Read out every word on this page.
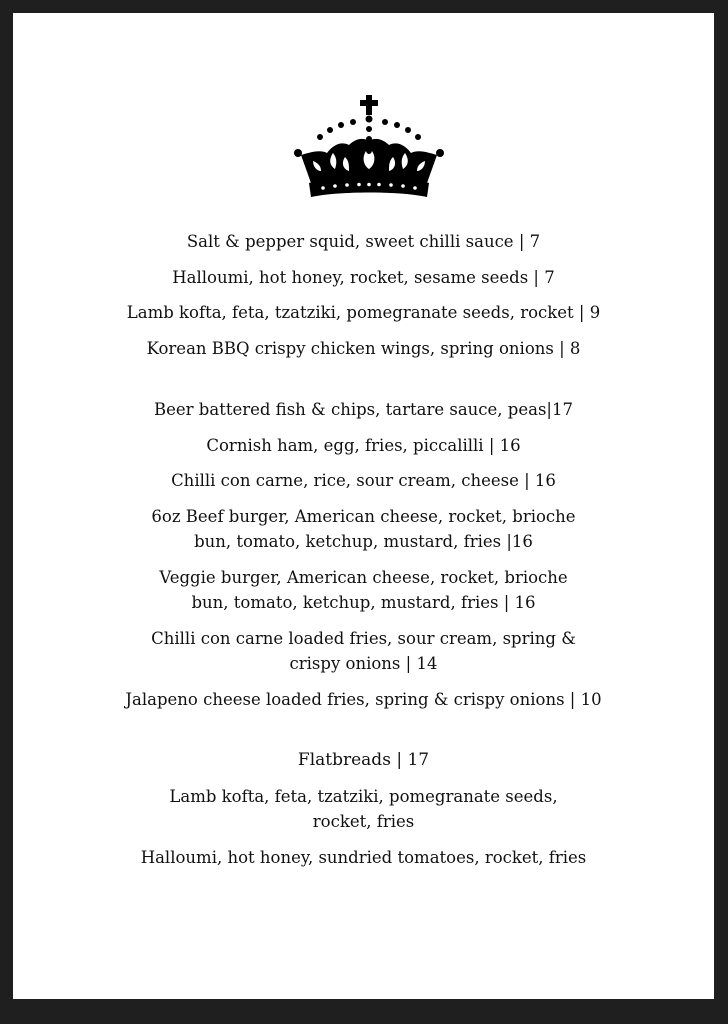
Salt & pepper squid, sweet chilli sauce | 7
Halloumi, hot honey, rocket, sesame seeds | 7
Lamb kofta, feta, tzatziki, pomegranate seeds, rocket | 9
Korean BBQ crispy chicken wings, spring onions | 8
Beer battered fish & chips, tartare sauce, peas|17
Cornish ham, egg, fries, piccalilli | 16
Chilli con carne, rice, sour cream, cheese | 16
6oz Beef burger, American cheese, rocket, brioche bun, tomato, ketchup, mustard, fries |16
Veggie burger, American cheese, rocket, brioche bun, tomato, ketchup, mustard, fries | 16
Chilli con carne loaded fries, sour cream, spring & crispy onions | 14
Jalapeno cheese loaded fries, spring & crispy onions | 10
Flatbreads | 17
Lamb kofta, feta, tzatziki, pomegranate seeds, rocket, fries
Halloumi, hot honey, sundried tomatoes, rocket, fries
